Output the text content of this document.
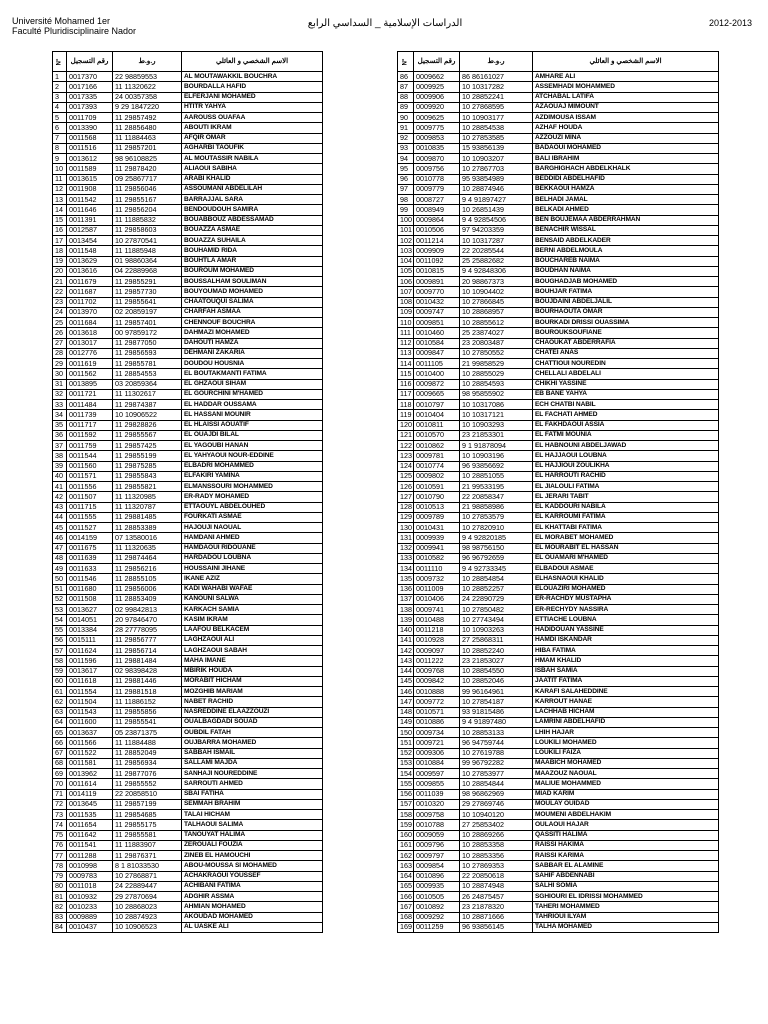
Université Mohamed 1er
Faculté Pluridisciplinaire Nador
الدراسات الإسلامية _ السداسي الرابع	2012-2013
N°	رقم التسجيل	ر.و.ط	الاسم الشخصي و العائلي
1	0017370	22 98859553	AL MOUTAWAKKIL BOUCHRA
2	0017166	11 11320622	BOURDALLA HAFID
3	0017335	24 00357358	ELFERJANI MOHAMED
4	0017393	9 29 1847220	HTITR YAHYA
5	0011709	11 29857492	AAROUSS OUAFAA
6	0013390	11 28856480	ABOUTI IKRAM
7	0011568	11 11884463	AFQIR OMAR
8	0011516	11 29857201	AGHARBI TAOUFIK
9	0013612	98 96108825	AL MOUTASSIR NABILA
10	0011589	11 29878420	ALIAOUI SABIHA
11	0013615	09 25867717	ARABI KHALID
12	0011908	11 29856046	ASSOUMANI ABDELILAH
13	0011542	11 29855167	BARRAJJAL SARA
14	0011646	11 29856204	BENDOUDOUH SAMIRA
15	0011391	11 11885832	BOUABBOUZ ABDESSAMAD
16	0012587	11 29858603	BOUAZZA ASMAE
17	0013454	10 27870541	BOUAZZA SUHAILA
18	0011548	11 11885948	BOUHAMID RIDA
19	0013629	01 98860364	BOUHTLA AMAR
20	0013616	04 22889968	BOUROUM MOHAMED
21	0011679	11 29855291	BOUSSALHAM SOULIMAN
22	0011687	11 29857730	BOUYOUMAD MOHAMED
23	0011702	11 29855641	CHAATOUQUI SALIMA
24	0013970	02 20859197	CHARFAH ASMAA
25	0011684	11 29857401	CHENNOUF BOUCHRA
26	0013618	00 97859172	DAHMAZI MOHAMED
27	0013017	11 29877050	DAHOUTI HAMZA
28	0012776	11 29856593	DEHMANI ZAKARIA
29	0011619	11 29855781	DOUDOU HOUSNIA
30	0011562	11 28854553	EL BOUTAKMANTI FATIMA
31	0013895	03 20859364	EL GHZAOUI SIHAM
32	0011721	11 11302617	EL GOURCHINI M'HAMED
33	0011484	11 29874387	EL HADDAR OUSSAMA
34	0011739	10 10906522	EL HASSANI MOUNIR
35	0011717	11 29828826	EL HLAISSI AOUATIF
36	0011592	11 29855567	EL OUAJDI BILAL
37	0011759	11 29857425	EL YAGOUBI HANAN
38	0011544	11 29855199	EL YAHYAOUI NOUR-EDDINE
39	0011560	11 29875285	ELBADRI MOHAMMED
40	0011571	11 29855843	ELFAKIRI YAMINA
41	0011556	11 29855821	ELMANSSOURI MOHAMMED
42	0011507	11 11320985	ER-RADY MOHAMED
43	0011715	11 11320787	ETTAOUYL ABDELOUHED
44	0011555	11 29881485	FOURKATI ASMAE
45	0011527	11 28853389	HAJOUJI NAOUAL
46	0014159	07 13580016	HAMDANI AHMED
47	0011675	11 11320635	HAMDAOUI RIDOUANE
48	0011639	11 29874464	HARDADOU LOUBNA
49	0011633	11 29856216	HOUSSAINI JIHANE
50	0011546	11 28855105	IKANE AZIZ
51	0011680	11 29856006	KADI WAHABI WAFAE
52	0011508	11 28853409	KANOUNI SALWA
53	0013627	02 99842813	KARKACH SAMIA
54	0014051	20 97846470	KASIM IKRAM
55	0013384	28 27778095	LAAFOU BELKACEM
56	0015111	11 29856777	LAGHZAOUI ALI
57	0011624	11 29856714	LAGHZAOUI SABAH
58	0011596	11 29881484	MAHA IMANE
59	0013617	02 98398428	MBIRIK HOUDA
60	0011618	11 29881446	MORABIT HICHAM
61	0011554	11 29881518	MOZGHIB MARIAM
62	0011504	11 11886152	NABET RACHID
63	0011543	11 29855856	NASREDDINE ELAAZZOUZI
64	0011600	11 29855541	OUALBAGDADI SOUAD
65	0013637	05 23871375	OUBDIL FATAH
66	0011566	11 11884488	OUJBARRA MOHAMED
67	0011522	11 28852049	SABBAH ISMAIL
68	0011581	11 29856934	SALLAMI MAJDA
69	0013962	11 29877076	SANHAJI NOUREDDINE
70	0011614	11 29855552	SARROUTI AHMED
71	0014119	22 20858510	SBAI FATIHA
72	0013645	11 29857199	SEMMAH BRAHIM
73	0011535	11 29854685	TALAI HICHAM
74	0011654	11 29855175	TALHAOUI SALIMA
75	0011642	11 29855581	TANOUYAT HALIMA
76	0011541	11 11883907	ZEROUALI FOUZIA
77	0011288	11 29876371	ZINEB EL HAMOUCHI
78	0010998	8 1 81033530	ABOU-MOUSSA SI MOHAMED
79	0009783	10 27868871	ACHAKRAOUI YOUSSEF
80	0011018	24 22889447	ACHIBANI FATIMA
81	0010932	29 27870694	ADGHIR ASSMA
82	0010233	10 28868023	AHMIAN MOHAMED
83	0009889	10 28874923	AKOUDAD MOHAMED
84	0010437	10 10906523	AL UASKE ALI
N°	رقم التسجيل	ر.و.ط	الاسم الشخصي و العائلي
86	0009662	86 86161027	AMHARE ALI
87	0009925	10 10317282	ASSEMHADI MOHAMMED
88	0009906	10 28852241	ATCHABAL LATIFA
89	0009920	10 27868595	AZAOUAJ MIMOUNT
90	0009625	10 10903177	AZDIMOUSA ISSAM
91	0009775	10 28854538	AZHAF HOUDA
92	0009853	10 27853585	AZZOUZI MINA
93	0010835	15 93856139	BADAOUI MOHAMED
94	0009870	10 10903207	BALI IBRAHIM
95	0009756	10 27867703	BARGHIGHACH ABDELKHALK
96	0010778	95 93854989	BEDDIDI ABDELHAFID
97	0009779	10 28874946	BEKKAOUI HAMZA
98	0008727	9 4 91897427	BELHADI JAMAL
99	0008949	10 26851439	BELKADI AHMED
100	0009864	9 4 92854506	BEN BOUJEMAA ABDERRAHMAN
101	0010506	97 94203359	BENACHIR WISSAL
102	0011214	10 10317287	BENSAID ABDELKADER
103	0009909	22 20285544	BERNI ABDELMOULA
104	0011092	25 25882682	BOUCHAREB NAIMA
105	0010815	9 4 92848306	BOUDHAN NAIMA
106	0009891	20 98867373	BOUGHADJAB MOHAMED
107	0009770	10 10904402	BOUHJAR FATIMA
108	0010432	10 27866845	BOUJDAINI ABDELJALIL
109	0009747	10 28868957	BOURHAOUTA OMAR
110	0009851	10 28855612	BOURKADI DRISSI OUASSIMA
111	0010460	25 23874027	BOUROUKSOUFIANE
112	0010584	23 20803487	CHAOUKAT ABDERRAFIA
113	0009847	10 27850552	CHATEI ANAS
114	0011105	21 99858529	CHATTIOUI NOUREDIN
115	0010400	10 28855029	CHELLALI ABDELALI
116	0009872	10 28854593	CHIKHI YASSINE
117	0009665	98 95855902	EB BANE YAHYA
118	0010797	10 10317086	ECH CHATBI NABIL
119	0010404	10 10317121	EL FACHATI AHMED
120	0010811	10 10903293	EL FAKHDAOUI ASSIA
121	0010570	23 21853301	EL FATMI MOUNIA
122	0010862	9 1 91878094	EL HABNOUNI ABDELJAWAD
123	0009781	10 10903196	EL HAJJAOUI LOUBNA
124	0010774	96 93856692	EL HAJJIOUI ZOULIKHA
125	0009802	10 28851055	EL HARROUTI RACHID
126	0010591	21 99533195	EL JIALOULI FATIMA
127	0010790	22 20858347	EL JERARI TABIT
128	0010513	21 98858986	EL KADDOURI NABILA
129	0009789	10 27853579	EL KARROUMI FATIMA
130	0010431	10 27820910	EL KHATTABI FATIMA
131	0009939	9 4 92820185	EL MORABET MOHAMED
132	0009941	98 98756150	EL MOURABIT EL HASSAN
133	0010582	96 96792659	EL OUAMARI M'HAMED
134	0011110	9 4 92733345	ELBADOUI ASMAE
135	0009732	10 28854854	ELHASNAOUI KHALID
136	0011009	10 28852257	ELOUAZIRI MOHAMED
137	0010406	24 22890729	ER-RACHDY MUSTAPHA
138	0009741	10 27850482	ER-RECHYDY NASSIRA
139	0010488	10 27743494	ETTIACHE LOUBNA
140	0011218	10 10903263	HADIDOUAN YASSINE
141	0010928	27 25868311	HAMDI ISKANDAR
142	0009097	10 28852240	HIBA FATIMA
143	0011222	23 21853027	HMAM KHALID
144	0009768	10 28854550	ISBAH SAMIA
145	0009842	10 28852046	JAATIT FATIMA
146	0010888	99 96164961	KARAFI SALAHEDDINE
147	0009772	10 27854187	KARROUT HANAE
148	0010571	93 91815486	LACHHAB HICHAM
149	0010886	9 4 91897480	LAMRINI ABDELHAFID
150	0009734	10 28853133	LHIH HAJAR
151	0009721	96 94759744	LOUKILI MOHAMED
152	0009306	10 27619788	LOUKILI FAIZA
153	0010884	99 96792282	MAABICH MOHAMED
154	0009597	10 27853977	MAAZOUZ NAOUAL
155	0009855	10 28854844	MALIUE MOHAMMED
156	0011039	98 96862969	MIAD KARIM
157	0010320	29 27869746	MOULAY OUIDAD
158	0009758	10 10940120	MOUMENI ABDELHAKIM
159	0010788	27 25853402	OULAOUI HAJAR
160	0009059	10 28869266	QASSITI HALIMA
161	0009796	10 28853358	RAISSI HAKIMA
162	0009797	10 28853356	RAISSI KARIMA
163	0009854	10 27869353	SABBAR EL ALAMINE
164	0010896	22 20850618	SAHIF ABDENNABI
165	0009935	10 28874948	SALHI SOMIA
166	0010505	26 24875457	SGHIOURI EL IDRISSI MOHAMMED
167	0010892	23 21878320	TAHERI MOHAMMED
168	0009292	10 28871666	TAHRIOUI ILYAM
169	0011259	96 93856145	TALHA MOHAMED
